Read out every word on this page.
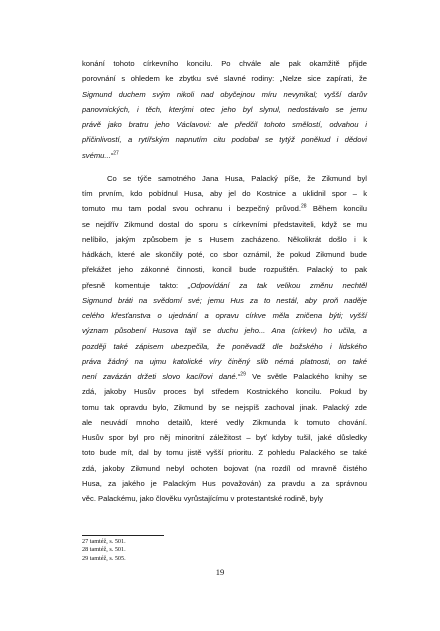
konání tohoto církevního koncilu. Po chvále ale pak okamžitě přijde
porovnání s ohledem ke zbytku své slavné rodiny: „Nelze sice zapírati, že
Sigmund duchem svým nikoli nad obyčejnou míru nevynikal; vyšší darův
panovnických, i těch, kterými otec jeho byl slynul, nedostávalo se jemu
právě jako bratru jeho Václavovi: ale předčil tohoto smělostí, odvahou i
přičinlivostí, a rytířským napnutím citu podobal se tytýž poněkud i dědovi
svému...“$^{27}$
Co se týče samotného Jana Husa, Palacký píše, že Zikmund byl
tím prvním, kdo pobídnul Husa, aby jel do Kostnice a uklidnil spor – k
tomuto mu tam podal svou ochranu i bezpečný průvod.$^{28}$ Během koncilu
se nejdřív Zikmund dostal do sporu s církevními představiteli, když se mu
nelíbilo, jakým způsobem je s Husem zacházeno. Několikrát došlo i k
hádkách, které ale skončily poté, co sbor oznámil, že pokud Zikmund bude
překážet jeho zákonné činnosti, koncil bude rozpuštěn. Palacký to pak
přesně komentuje takto: „Odpovídání za tak velikou změnu nechtěl
Sigmund bráti na svědomí své; jemu Hus za to nestál, aby proň naděje
celého křesťanstva o ujednání a opravu církve měla zničena býti; vyšší
význam působení Husova tajil se duchu jeho... Ana (církev) ho učila, a
později také zápisem ubezpečila, že poněvadž dle božského i lidského
práva žádný na ujmu katolické víry činěný slib némá platnosti, on také
není zavázán držeti slovo kacířovi dané.“$^{29}$ Ve světle Palackého knihy se
zdá, jakoby Husův proces byl středem Kostnického koncilu. Pokud by
tomu tak opravdu bylo, Zikmund by se nejspíš zachoval jinak. Palacký zde
ale neuvádí mnoho detailů, které vedly Zikmunda k tomuto chování.
Husův spor byl pro něj minoritní záležitost – byť kdyby tušil, jaké důsledky
toto bude mít, dal by tomu jistě vyšší prioritu. Z pohledu Palackého se také
zdá, jakoby Zikmund nebyl ochoten bojovat (na rozdíl od mravně čistého
Husa, za jakého je Palackým Hus považován) za pravdu a za správnou
věc. Palackému, jako člověku vyrůstajícímu v protestantské rodině, byly
27 tamtéž, s. 501.
28 tamtéž, s. 501.
29 tamtéž, s. 505.
19
